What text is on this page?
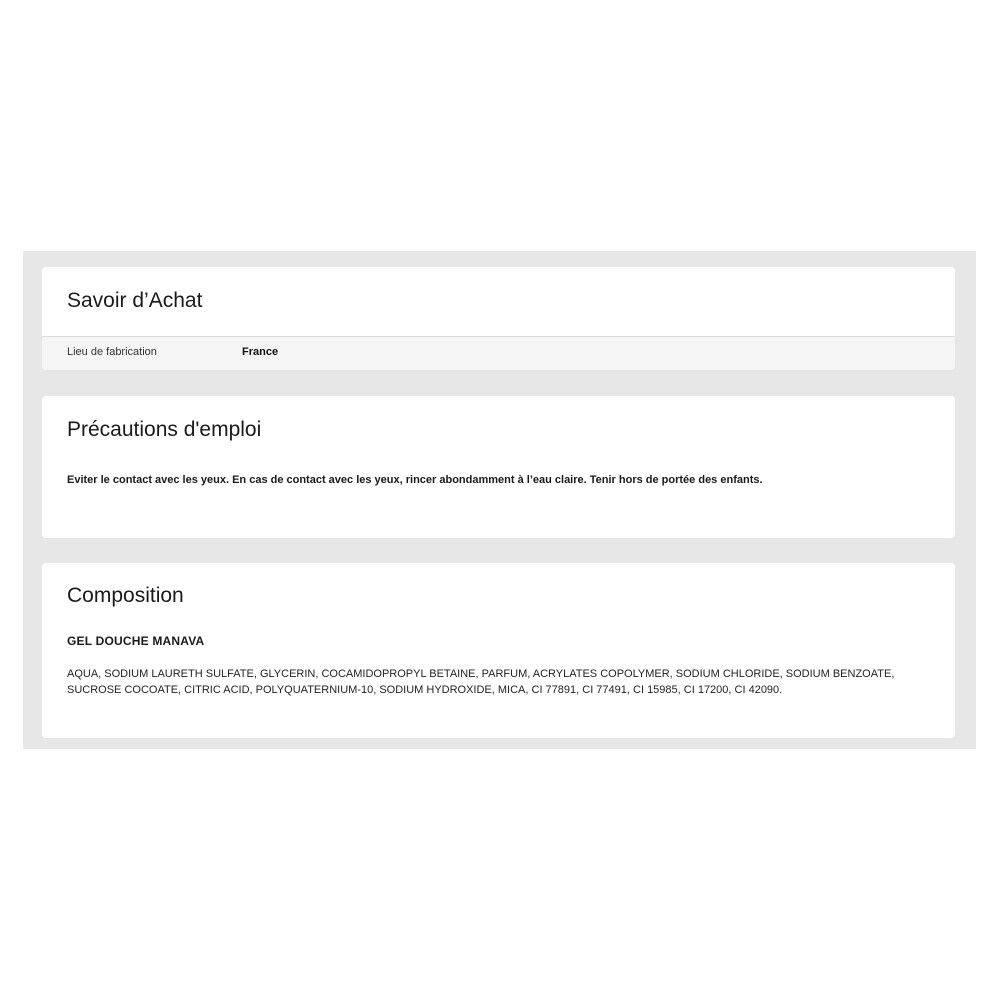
Savoir d’Achat
Lieu de fabrication	France
Précautions d'emploi

Eviter le contact avec les yeux. En cas de contact avec les yeux, rincer abondamment à l’eau claire. Tenir hors de portée des enfants.

Composition
GEL DOUCHE MANAVA

AQUA, SODIUM LAURETH SULFATE, GLYCERIN, COCAMIDOPROPYL BETAINE, PARFUM, ACRYLATES COPOLYMER, SODIUM CHLORIDE, SODIUM BENZOATE, SUCROSE COCOATE, CITRIC ACID, POLYQUATERNIUM-10, SODIUM HYDROXIDE, MICA, CI 77891, CI 77491, CI 15985, CI 17200, CI 42090.
